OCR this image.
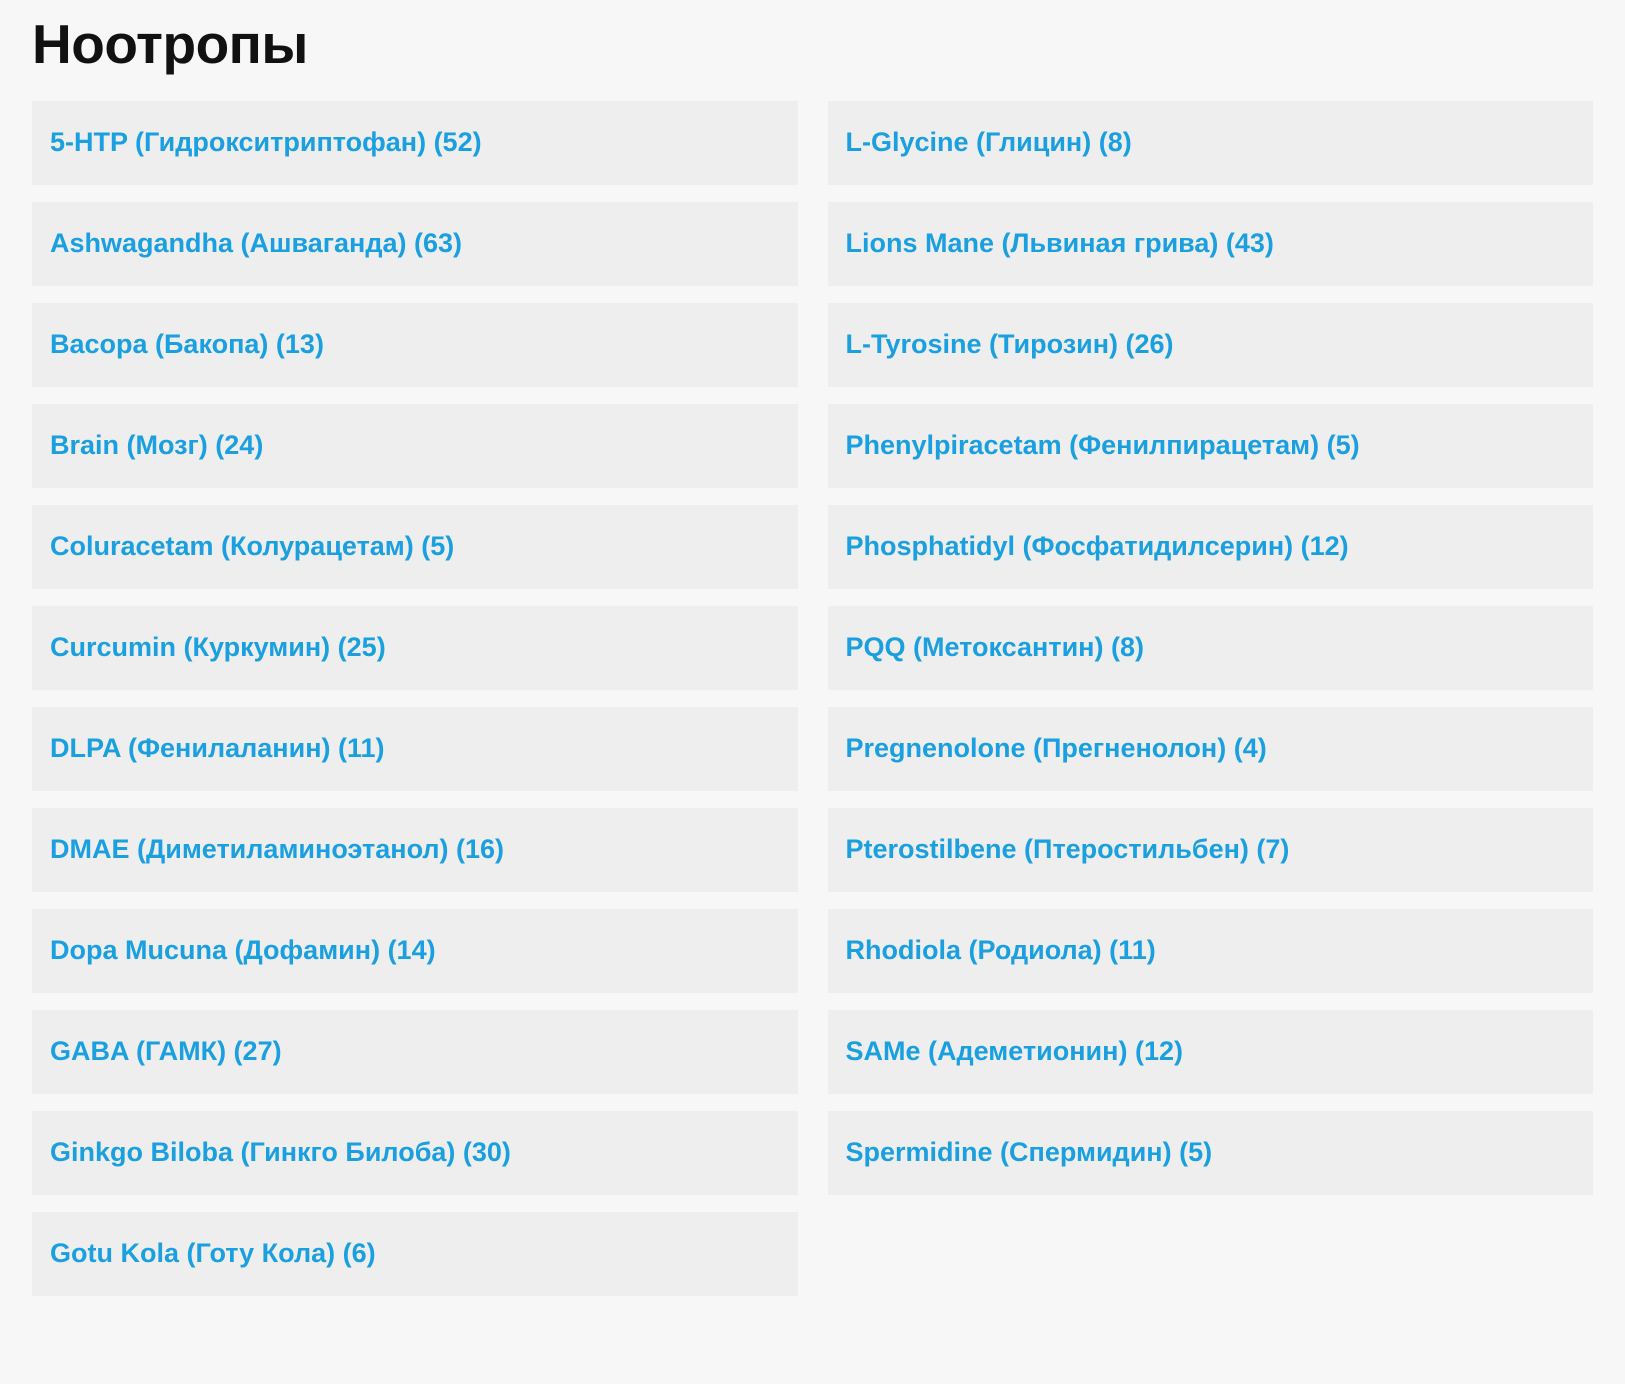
Ноотропы
5-HTP (Гидрокситриптофан) (52)
Ashwagandha (Ашваганда) (63)
Bacopa (Бакопа) (13)
Brain (Мозг) (24)
Coluracetam (Колурацетам) (5)
Curcumin (Куркумин) (25)
DLPA (Фенилаланин) (11)
DMAE (Диметиламиноэтанол) (16)
Dopa Mucuna (Дофамин) (14)
GABA (ГАМК) (27)
Ginkgo Biloba (Гинкго Билоба) (30)
Gotu Kola (Готу Кола) (6)
L-Glycine (Глицин) (8)
Lions Mane (Львиная грива) (43)
L-Tyrosine (Тирозин) (26)
Phenylpiracetam (Фенилпирацетам) (5)
Phosphatidyl (Фосфатидилсерин) (12)
PQQ (Метоксантин) (8)
Pregnenolone (Прегненолон) (4)
Pterostilbene (Птеростильбен) (7)
Rhodiola (Родиола) (11)
SAMe (Адеметионин) (12)
Spermidine (Спермидин) (5)
